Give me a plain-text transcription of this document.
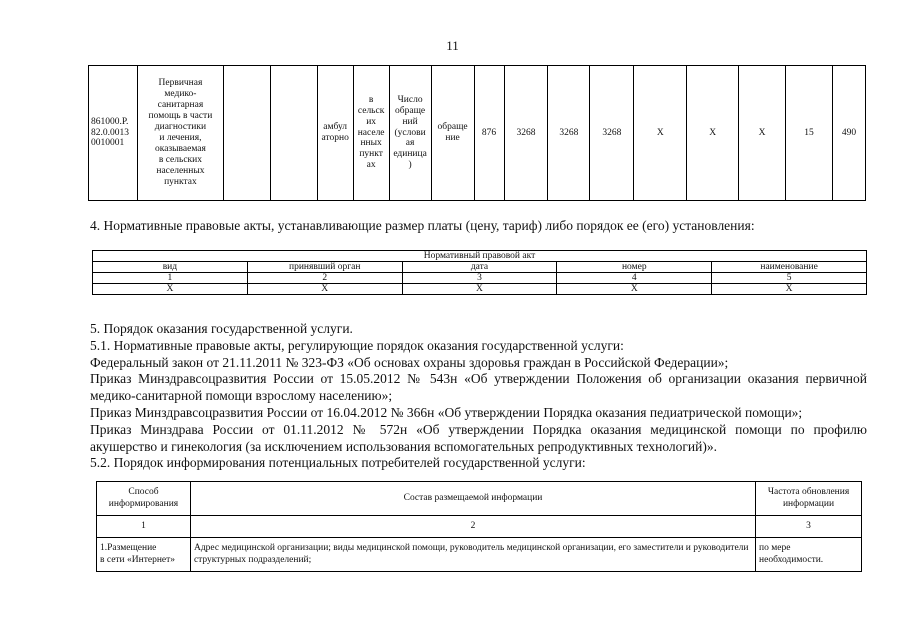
11
861000.Р.
82.0.0013
0010001	Первичная
медико-
санитарная
помощь в части
диагностики
и лечения,
оказываемая
в сельских
населенных
пунктах			амбул
аторно	в
сельск
их
населе
нных
пункт
ах	Число
обраще
ний
(услови
ая
единица
)	обраще
ние	876	3268	3268	3268	Х	Х	Х	15	490
4. Нормативные правовые акты, устанавливающие размер платы (цену, тариф) либо порядок ее (его) установления:
Нормативный правовой акт				
вид	принявший орган	дата	номер	наименование
1	2	3	4	5
Х	Х	Х	Х	Х

5. Порядок оказания государственной услуги.

5.1. Нормативные правовые акты, регулирующие порядок оказания государственной услуги:

Федеральный закон от 21.11.2011 № 323-ФЗ «Об основах охраны здоровья граждан в Российской Федерации»;

Приказ Минздравсоцразвития России от 15.05.2012 № 543н «Об утверждении Положения об организации оказания первичной

медико-санитарной помощи взрослому населению»;

Приказ Минздравсоцразвития России от 16.04.2012 № 366н «Об утверждении Порядка оказания педиатрической помощи»;

Приказ Минздрава России от 01.11.2012 № 572н «Об утверждении Порядка оказания медицинской помощи по профилю

акушерство и гинекология (за исключением использования вспомогательных репродуктивных технологий)».

5.2. Порядок информирования потенциальных потребителей государственной услуги:

Способ
информирования	Состав размещаемой информации	Частота обновления
информации
1	2	3
1.Размещение
в сети «Интернет»	Адрес медицинской организации; виды медицинской помощи, руководитель медицинской организации, его заместители и руководители структурных подразделений;	по мере
необходимости.
